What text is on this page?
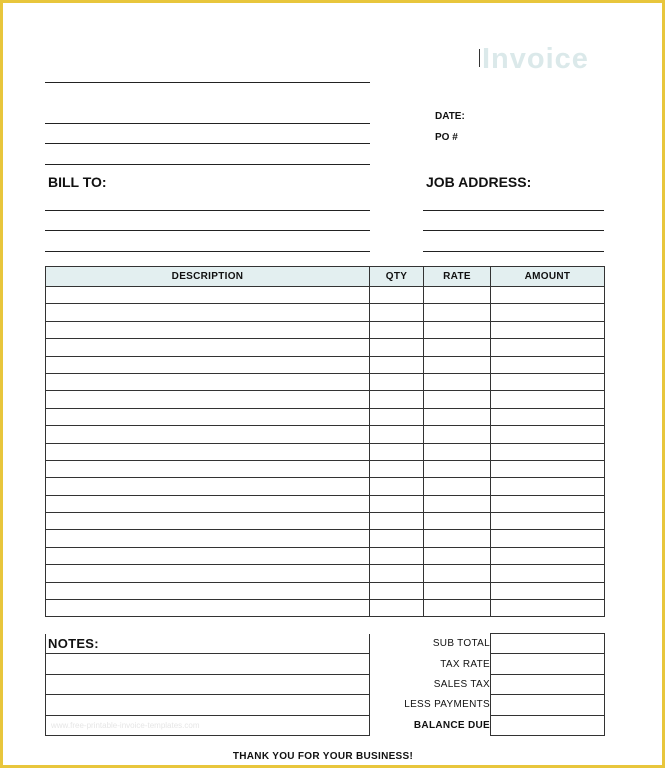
Invoice
DATE:
PO #
BILL TO:	JOB ADDRESS:
DESCRIPTION	QTY	RATE	AMOUNT

NOTES:	SUB TOTAL	
	TAX RATE	
	SALES TAX	
	LESS PAYMENTS	
	BALANCE DUE	
www.free-printable-invoice-templates.com
THANK YOU FOR YOUR BUSINESS!
